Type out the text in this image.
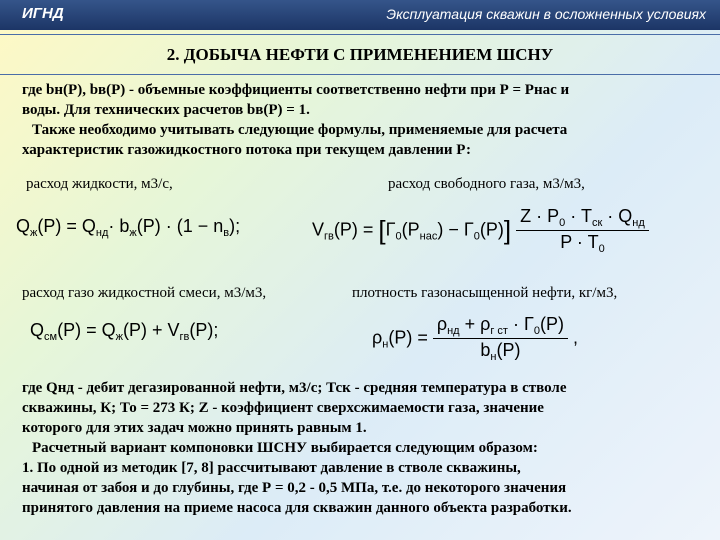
ИГНД	Эксплуатация скважин в осложненных условиях
2. ДОБЫЧА НЕФТИ С ПРИМЕНЕНИЕМ ШСНУ

где bн(Р), bв(Р) - объемные коэффициенты соответственно нефти при Р = Рнас и

воды. Для технических расчетов bв(Р) = 1.

Также необходимо учитывать следующие формулы, применяемые для расчета

характеристик газожидкостного потока при текущем давлении Р:

расход жидкости, м3/с,	расход свободного газа, м3/м3,
$Q_ж(P) = Q_{нд}\cdot b_ж(P) \cdot (1 - n_в)$;	$V_{гв}(P) = [\Gamma_0(P_{нас}) - \Gamma_0(P)] \frac{Z \cdot P_0 \cdot T_{ск} \cdot Q_{нд}}{P \cdot T_0}$
расход газо жидкостной смеси, м3/м3,	плотность газонасыщенной нефти, кг/м3,
$Q_{см}(P) = Q_ж(P) + V_{гв}(P)$;	$\rho_н(P) = \frac{\rho_{нд} + \rho_{г ст} \cdot \Gamma_0(P)}{b_н(P)}$ ,

где Qнд - дебит дегазированной нефти, м3/с; Тск - средняя температура в стволе

скважины, К; То = 273 К; Z - коэффициент сверхсжимаемости газа, значение

которого для этих задач можно принять равным 1.

Расчетный вариант компоновки ШСНУ выбирается следующим образом:

1. По одной из методик [7, 8] рассчитывают давление в стволе скважины,

начиная от забоя и до глубины, где Р = 0,2 - 0,5 МПа, т.е. до некоторого значения

принятого давления на приеме насоса для скважин данного объекта разработки.
